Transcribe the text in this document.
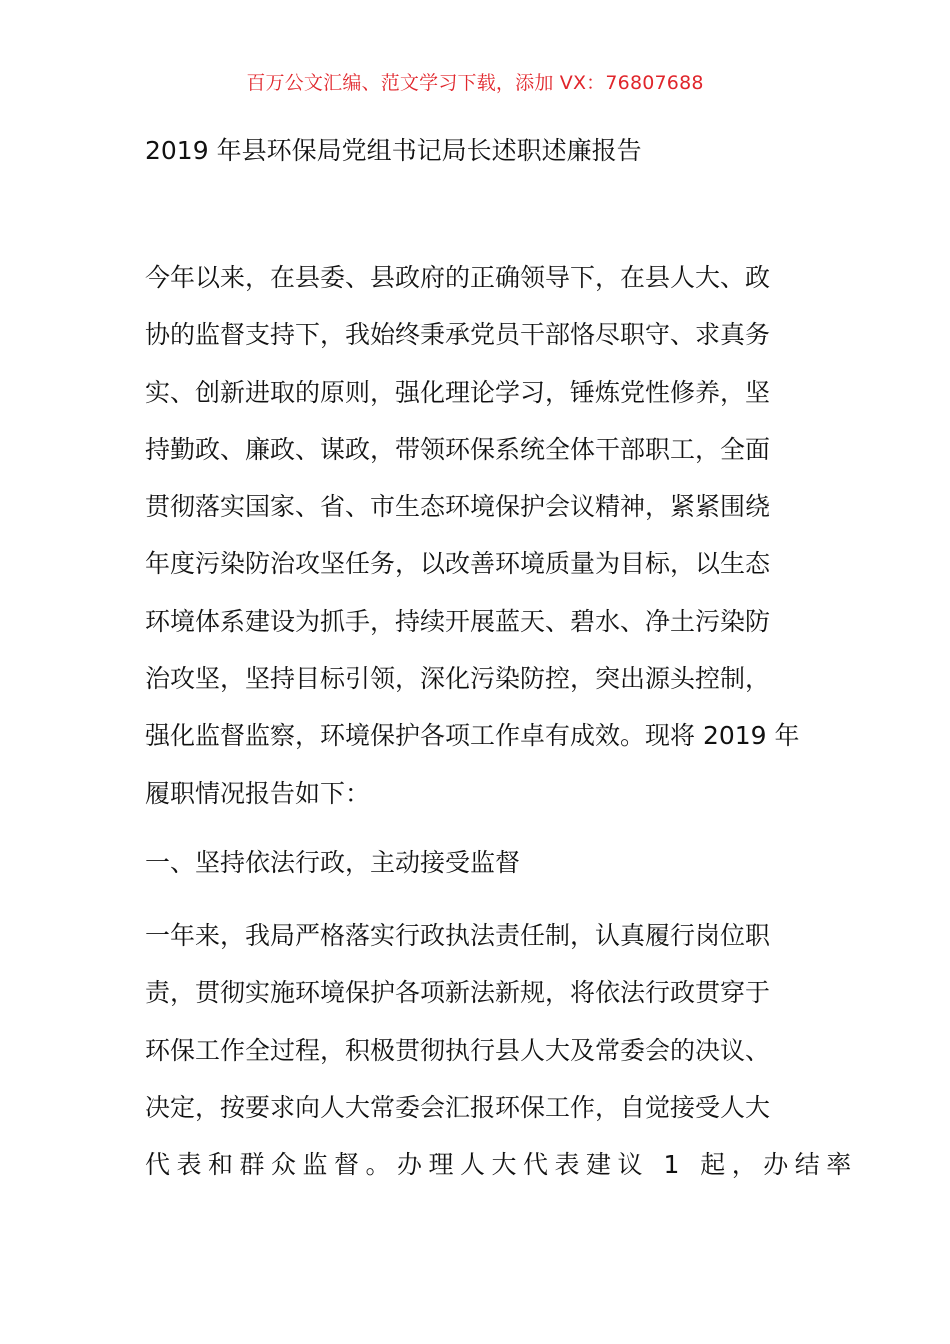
百万公文汇编、范文学习下载，添加 VX：76807688
2019 年县环保局党组书记局长述职述廉报告
今年以来，在县委、县政府的正确领导下，在县人大、政
协的监督支持下，我始终秉承党员干部恪尽职守、求真务
实、创新进取的原则，强化理论学习，锤炼党性修养，坚
持勤政、廉政、谋政，带领环保系统全体干部职工，全面
贯彻落实国家、省、市生态环境保护会议精神，紧紧围绕
年度污染防治攻坚任务，以改善环境质量为目标，以生态
环境体系建设为抓手，持续开展蓝天、碧水、净土污染防
治攻坚，坚持目标引领，深化污染防控，突出源头控制，
强化监督监察，环境保护各项工作卓有成效。现将 2019 年
履职情况报告如下：
一、坚持依法行政，主动接受监督
一年来，我局严格落实行政执法责任制，认真履行岗位职
责，贯彻实施环境保护各项新法新规，将依法行政贯穿于
环保工作全过程，积极贯彻执行县人大及常委会的决议、
决定，按要求向人大常委会汇报环保工作，自觉接受人大
代表和群众监督。办理人大代表建议 1 起，办结率
